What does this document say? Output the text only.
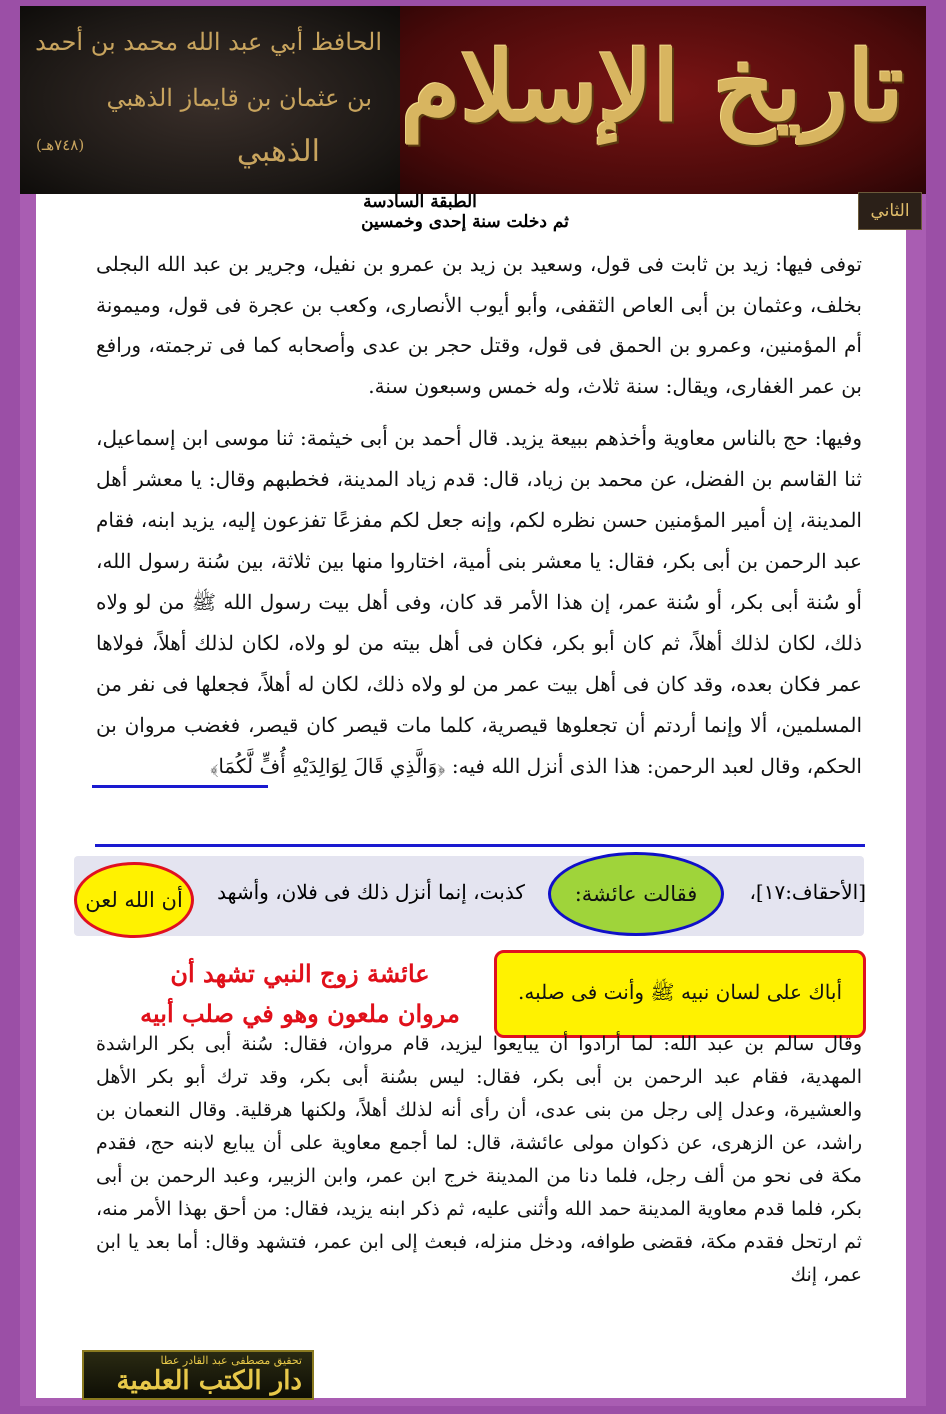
الحافظ أبي عبد الله محمد بن أحمد
بن عثمان بن قايماز الذهبي
الذهبي
(٧٤٨هـ)
تاريخ الإسلام
الثاني
الطبقة السادسة
ثم دخلت سنة إحدى وخمسين

توفى فيها: زيد بن ثابت فى قول، وسعيد بن زيد بن عمرو بن نفيل، وجرير بن عبد الله البجلى بخلف، وعثمان بن أبى العاص الثقفى، وأبو أيوب الأنصارى، وكعب بن عجرة فى قول، وميمونة أم المؤمنين، وعمرو بن الحمق فى قول، وقتل حجر بن عدى وأصحابه كما فى ترجمته، ورافع بن عمر الغفارى، ويقال: سنة ثلاث، وله خمس وسبعون سنة.

وفيها: حج بالناس معاوية وأخذهم ببيعة يزيد. قال أحمد بن أبى خيثمة: ثنا موسى ابن إسماعيل، ثنا القاسم بن الفضل، عن محمد بن زياد، قال: قدم زياد المدينة، فخطبهم وقال: يا معشر أهل المدينة، إن أمير المؤمنين حسن نظره لكم، وإنه جعل لكم مفزعًا تفزعون إليه، يزيد ابنه، فقام عبد الرحمن بن أبى بكر، فقال: يا معشر بنى أمية، اختاروا منها بين ثلاثة، بين سُنة رسول الله، أو سُنة أبى بكر، أو سُنة عمر، إن هذا الأمر قد كان، وفى أهل بيت رسول الله ﷺ من لو ولاه ذلك، لكان لذلك أهلاً، ثم كان أبو بكر، فكان فى أهل بيته من لو ولاه، لكان لذلك أهلاً، فولاها عمر فكان بعده، وقد كان فى أهل بيت عمر من لو ولاه ذلك، لكان له أهلاً، فجعلها فى نفر من المسلمين، ألا وإنما أردتم أن تجعلوها قيصرية، كلما مات قيصر كان قيصر، فغضب مروان بن الحكم، وقال لعبد الرحمن: هذا الذى أنزل الله فيه: ﴿وَالَّذِي قَالَ لِوَالِدَيْهِ أُفٍّ لَّكُمَا﴾

[الأحقاف:١٧]،
فقالت عائشة:
كذبت، إنما أنزل ذلك فى فلان، وأشهد
أن الله لعن
أباك على لسان نبيه ﷺ وأنت فى صلبه.
عائشة زوج النبي تشهد أن
مروان ملعون وهو في صلب أبيه

وقال سالم بن عبد الله: لما أرادوا أن يبايعوا ليزيد، قام مروان، فقال: سُنة أبى بكر الراشدة المهدية، فقام عبد الرحمن بن أبى بكر، فقال: ليس بسُنة أبى بكر، وقد ترك أبو بكر الأهل والعشيرة، وعدل إلى رجل من بنى عدى، أن رأى أنه لذلك أهلاً، ولكنها هرقلية. وقال النعمان بن راشد، عن الزهرى، عن ذكوان مولى عائشة، قال: لما أجمع معاوية على أن يبايع لابنه حج، فقدم مكة فى نحو من ألف رجل، فلما دنا من المدينة خرج ابن عمر، وابن الزبير، وعبد الرحمن بن أبى بكر، فلما قدم معاوية المدينة حمد الله وأثنى عليه، ثم ذكر ابنه يزيد، فقال: من أحق بهذا الأمر منه، ثم ارتحل فقدم مكة، فقضى طوافه، ودخل منزله، فبعث إلى ابن عمر، فتشهد وقال: أما بعد يا ابن عمر، إنك

تحقيق مصطفى عبد القادر عطا
دار الكتب العلمية
